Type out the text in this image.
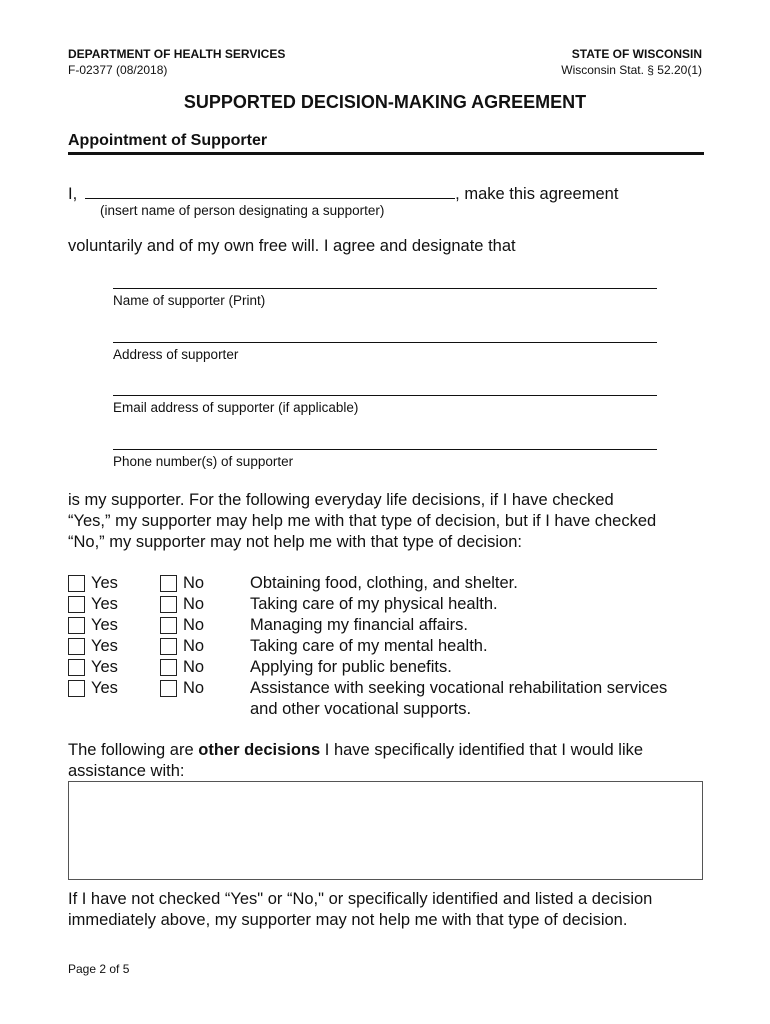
DEPARTMENT OF HEALTH SERVICES
F-02377 (08/2018)
STATE OF WISCONSIN
Wisconsin Stat. § 52.20(1)
SUPPORTED DECISION-MAKING AGREEMENT
Appointment of Supporter
I,	, make this agreement
(insert name of person designating a supporter)
voluntarily and of my own free will. I agree and designate that
Name of supporter (Print)
Address of supporter
Email address of supporter (if applicable)
Phone number(s) of supporter
is my supporter. For the following everyday life decisions, if I have checked
“Yes,” my supporter may help me with that type of decision, but if I have checked
“No,” my supporter may not help me with that type of decision:
Yes	No	Obtaining food, clothing, and shelter.
Yes	No	Taking care of my physical health.
Yes	No	Managing my financial affairs.
Yes	No	Taking care of my mental health.
Yes	No	Applying for public benefits.
Yes	No	Assistance with seeking vocational rehabilitation services
and other vocational supports.
The following are other decisions I have specifically identified that I would like
assistance with:
If I have not checked “Yes" or “No," or specifically identified and listed a decision
immediately above, my supporter may not help me with that type of decision.
Page 2 of 5
